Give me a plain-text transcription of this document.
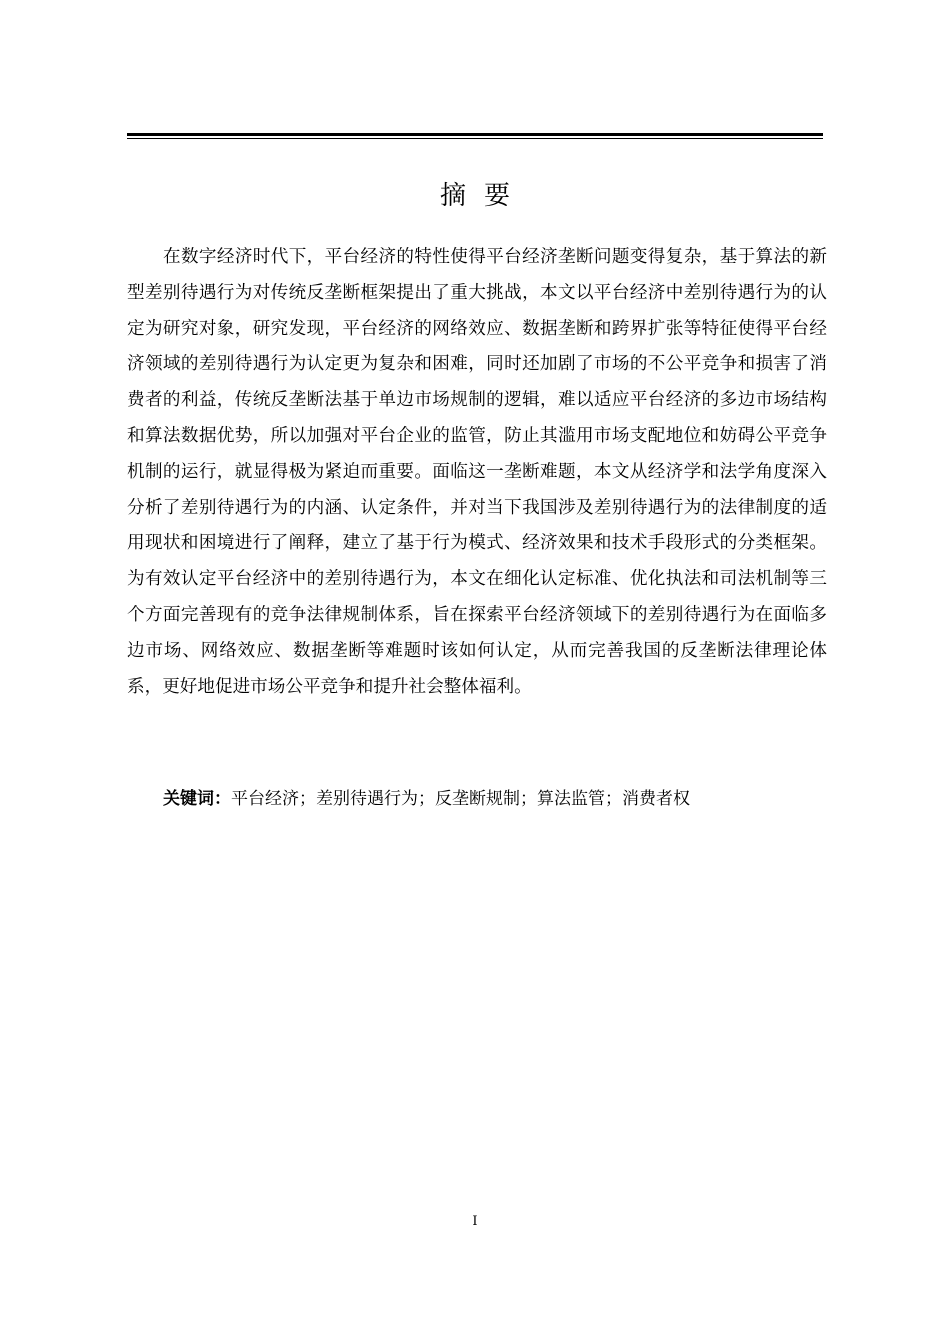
摘要

在数字经济时代下，平台经济的特性使得平台经济垄断问题变得复杂，基于算法的新型差别待遇行为对传统反垄断框架提出了重大挑战，本文以平台经济中差别待遇行为的认定为研究对象，研究发现，平台经济的网络效应、数据垄断和跨界扩张等特征使得平台经济领域的差别待遇行为认定更为复杂和困难，同时还加剧了市场的不公平竞争和损害了消费者的利益，传统反垄断法基于单边市场规制的逻辑，难以适应平台经济的多边市场结构和算法数据优势，所以加强对平台企业的监管，防止其滥用市场支配地位和妨碍公平竞争机制的运行，就显得极为紧迫而重要。面临这一垄断难题，本文从经济学和法学角度深入分析了差别待遇行为的内涵、认定条件，并对当下我国涉及差别待遇行为的法律制度的适用现状和困境进行了阐释，建立了基于行为模式、经济效果和技术手段形式的分类框架。为有效认定平台经济中的差别待遇行为，本文在细化认定标准、优化执法和司法机制等三个方面完善现有的竞争法律规制体系，旨在探索平台经济领域下的差别待遇行为在面临多边市场、网络效应、数据垄断等难题时该如何认定，从而完善我国的反垄断法律理论体系，更好地促进市场公平竞争和提升社会整体福利。

关键词：平台经济；差别待遇行为；反垄断规制；算法监管；消费者权
I
